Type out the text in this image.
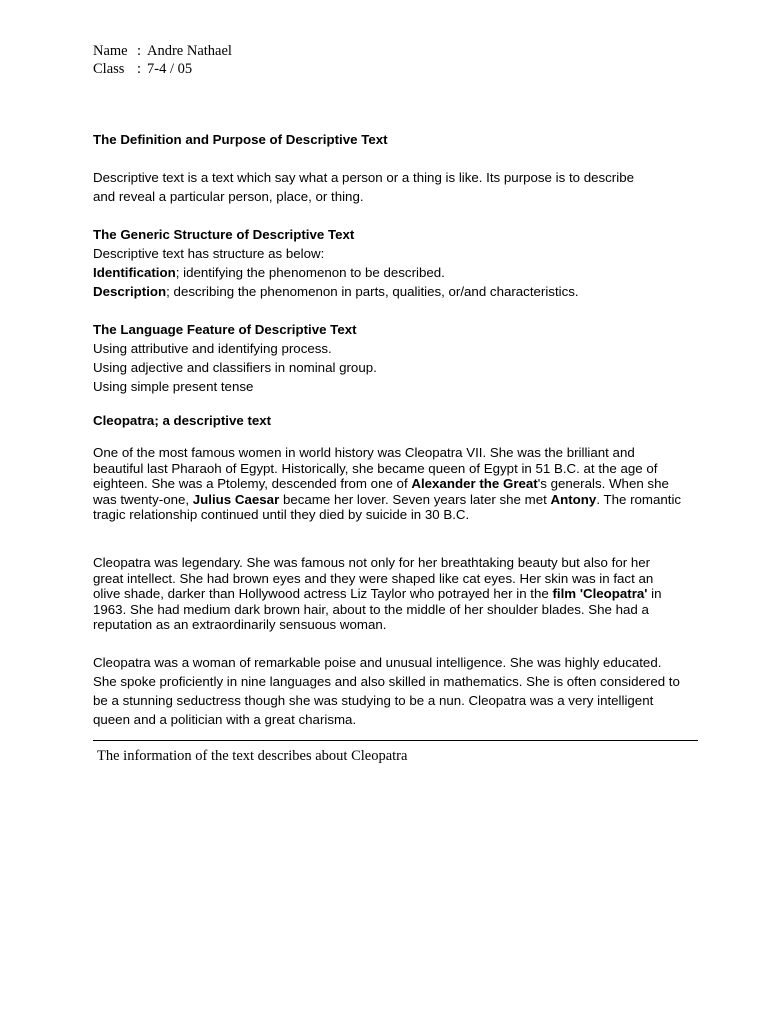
Name : Andre Nathael
Class : 7-4 / 05
The Definition and Purpose of Descriptive Text
Descriptive text is a text which say what a person or a thing is like. Its purpose is to describe
and reveal a particular person, place, or thing.
The Generic Structure of Descriptive Text
Descriptive text has structure as below:
Identification; identifying the phenomenon to be described.
Description; describing the phenomenon in parts, qualities, or/and characteristics.
The Language Feature of Descriptive Text
Using attributive and identifying process.
Using adjective and classifiers in nominal group.
Using simple present tense
Cleopatra; a descriptive text
One of the most famous women in world history was Cleopatra VII. She was the brilliant and beautiful last Pharaoh of Egypt. Historically, she became queen of Egypt in 51 B.C. at the age of eighteen. She was a Ptolemy, descended from one of Alexander the Great's generals. When she was twenty-one, Julius Caesar became her lover. Seven years later she met Antony. The romantic tragic relationship continued until they died by suicide in 30 B.C.
Cleopatra was legendary. She was famous not only for her breathtaking beauty but also for her great intellect. She had brown eyes and they were shaped like cat eyes. Her skin was in fact an olive shade, darker than Hollywood actress Liz Taylor who potrayed her in the film 'Cleopatra' in 1963. She had medium dark brown hair, about to the middle of her shoulder blades. She had a reputation as an extraordinarily sensuous woman.
Cleopatra was a woman of remarkable poise and unusual intelligence. She was highly educated. She spoke proficiently in nine languages and also skilled in mathematics. She is often considered to be a stunning seductress though she was studying to be a nun. Cleopatra was a very intelligent queen and a politician with a great charisma.
The information of the text describes about Cleopatra
